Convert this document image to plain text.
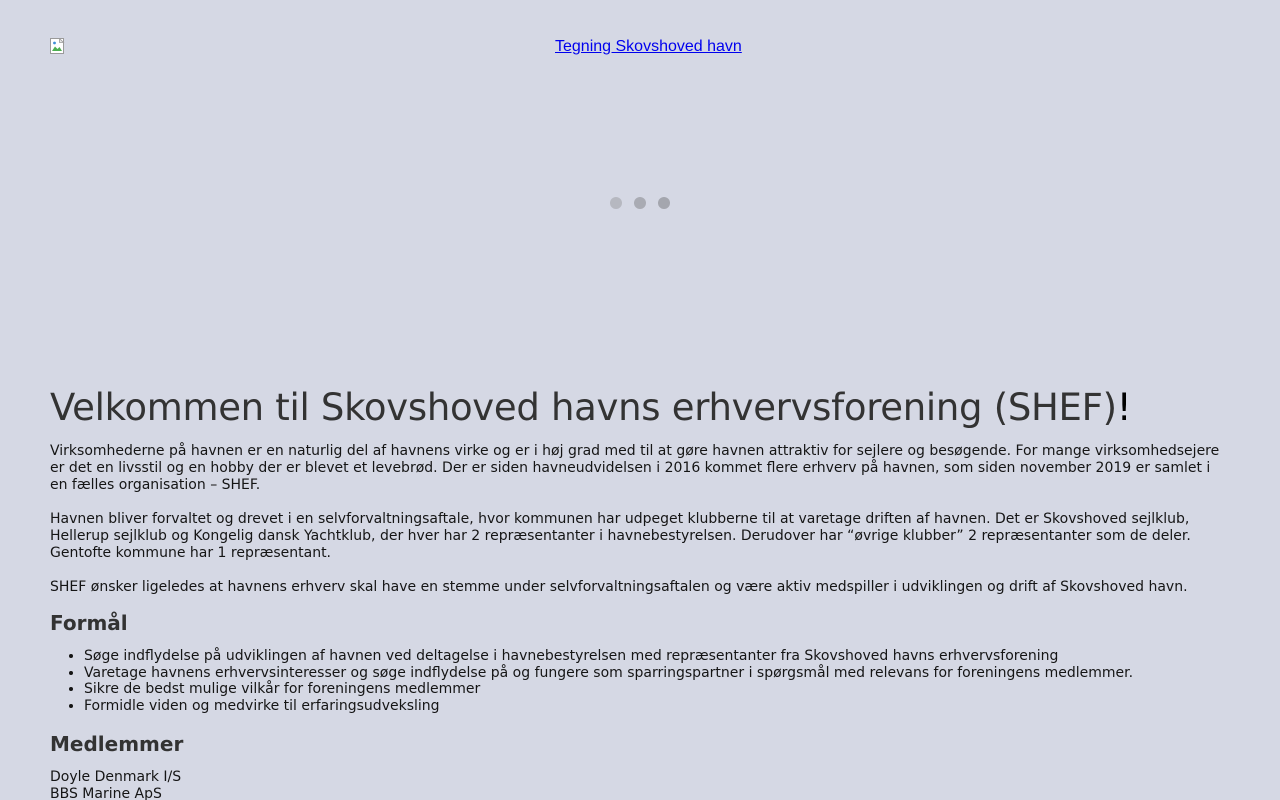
Tegning Skovshoved havn
Velkommen til Skovshoved havns erhvervsforening (SHEF)!

Virksomhederne på havnen er en naturlig del af havnens virke og er i høj grad med til at gøre havnen attraktiv for sejlere og besøgende. For mange virksomhedsejere er det en livsstil og en hobby der er blevet et levebrød. Der er siden havneudvidelsen i 2016 kommet flere erhverv på havnen, som siden november 2019 er samlet i en fælles organisation – SHEF.

Havnen bliver forvaltet og drevet i en selvforvaltningsaftale, hvor kommunen har udpeget klubberne til at varetage driften af havnen. Det er Skovshoved sejlklub, Hellerup sejlklub og Kongelig dansk Yachtklub, der hver har 2 repræsentanter i havnebestyrelsen. Derudover har “øvrige klubber” 2 repræsentanter som de deler. Gentofte kommune har 1 repræsentant.

SHEF ønsker ligeledes at havnens erhverv skal have en stemme under selvforvaltningsaftalen og være aktiv medspiller i udviklingen og drift af Skovshoved havn.

Formål
• Søge indflydelse på udviklingen af havnen ved deltagelse i havnebestyrelsen med repræsentanter fra Skovshoved havns erhvervsforening
• Varetage havnens erhvervsinteresser og søge indflydelse på og fungere som sparringspartner i spørgsmål med relevans for foreningens medlemmer.
• Sikre de bedst mulige vilkår for foreningens medlemmer
• Formidle viden og medvirke til erfaringsudveksling
Medlemmer
Doyle Denmark I/S
BBS Marine ApS
